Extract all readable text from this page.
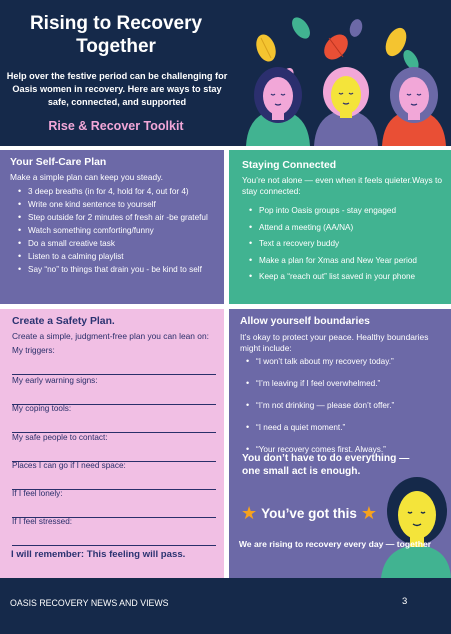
Rising to Recovery
Together
Help over the festive period can be challenging for Oasis women in recovery. Here are ways to stay safe, connected, and supported
Rise & Recover Toolkit
Your Self-Care Plan
Make a simple plan can keep you steady.
• 3 deep breaths (in for 4, hold for 4, out for 4)
• Write one kind sentence to yourself
• Step outside for 2 minutes of fresh air -be grateful
• Watch something comforting/funny
• Do a small creative task
• Listen to a calming playlist
• Say “no” to things that drain you - be kind to self
Staying Connected
You’re not alone — even when it feels quieter.Ways to stay connected:
• Pop into Oasis groups - stay engaged
• Attend a meeting (AA/NA)
• Text a recovery buddy
• Make a plan for Xmas and New Year period
• Keep a “reach out” list saved in your phone
Create a Safety Plan.
Create a simple, judgment-free plan you can lean on:
My triggers:
My early warning signs:
My coping tools:
My safe people to contact:
Places I can go if I need space:
If I feel lonely:
If I feel stressed:
I will remember: This feeling will pass.
Allow yourself boundaries
It’s okay to protect your peace. Healthy boundaries might include:
• “I won’t talk about my recovery today.”
• “I’m leaving if I feel overwhelmed.”
• “I’m not drinking — please don’t offer.”
• “I need a quiet moment.”
• “Your recovery comes first. Always.”
You don’t have to do everything — one small act is enough.
★ You’ve got this ★
We are rising to recovery every day — together
OASIS RECOVERY NEWS AND VIEWS	3
